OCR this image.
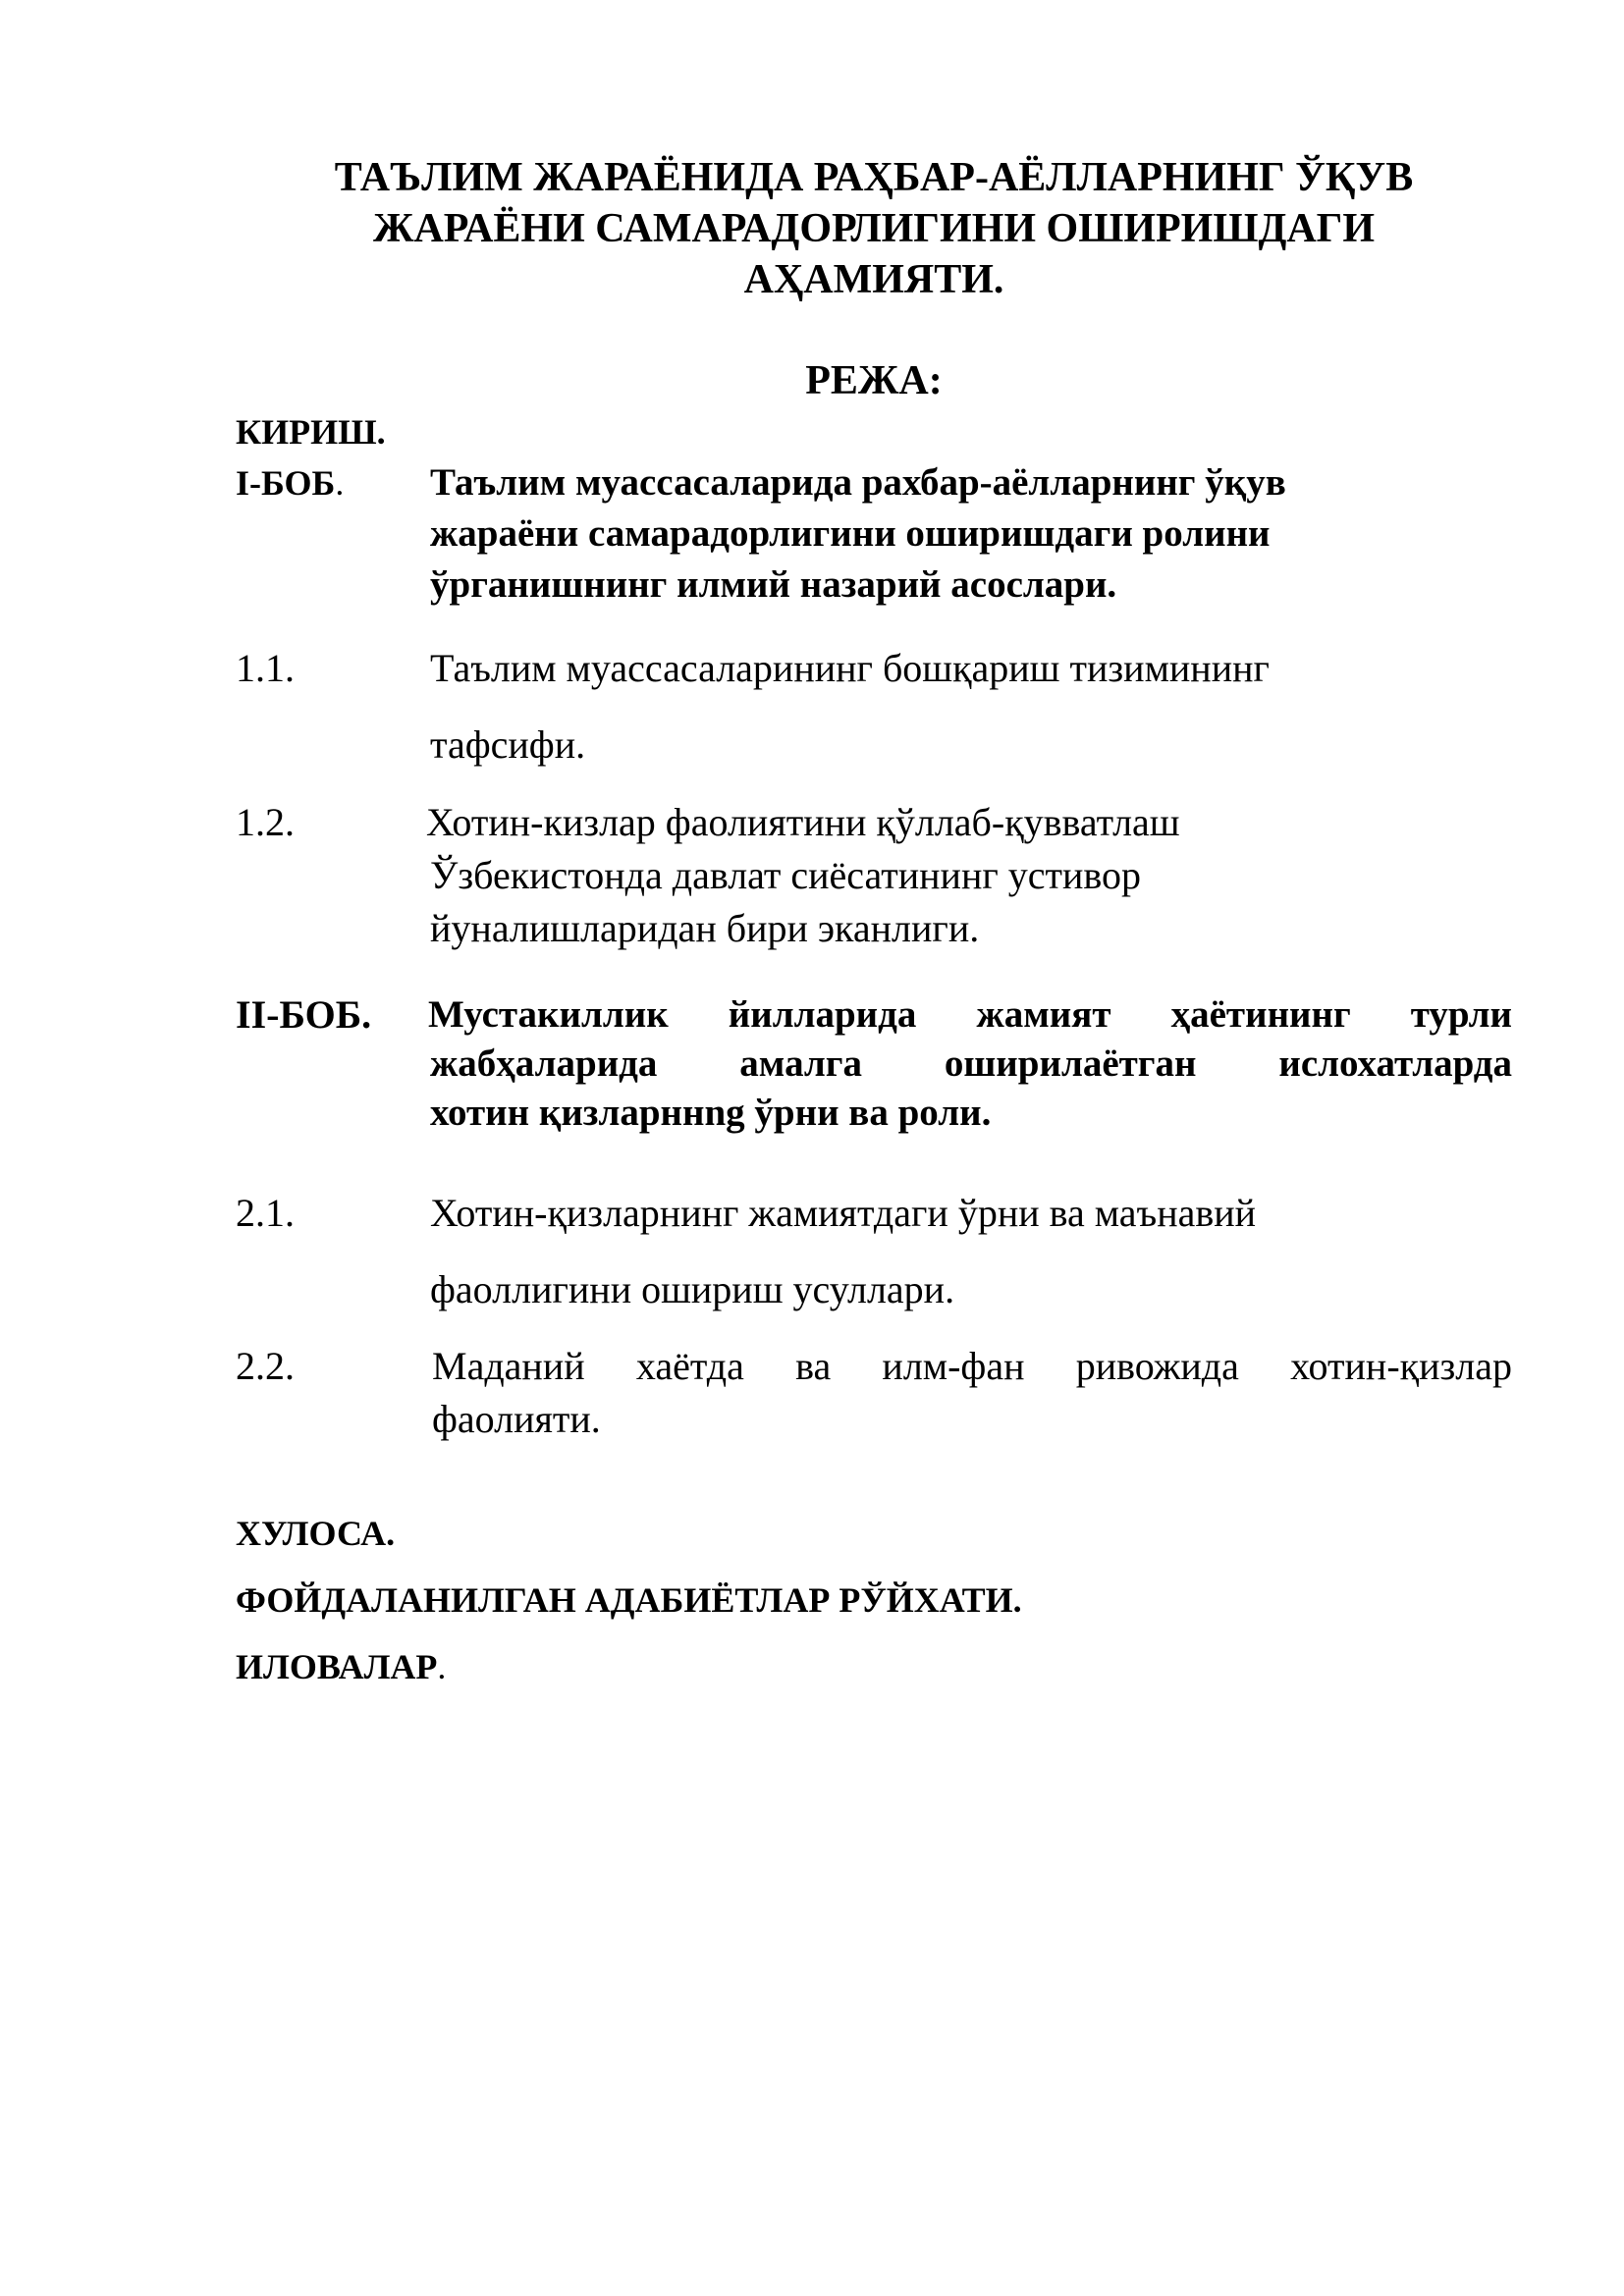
ТАЪЛИМ ЖАРАЁНИДА РАҲБАР-АЁЛЛАРНИНГ ЎҚУВ
ЖАРАЁНИ САМАРАДОРЛИГИНИ ОШИРИШДАГИ
АҲАМИЯТИ.
РЕЖА:
КИРИШ.
I-БОБ. Таълим муассасаларида рахбар-аёлларнинг ўқув
жараёни самарадорлигини оширишдаги ролини
ўрганишнинг илмий назарий асослари.
1.1.	Таълим муассасаларининг бошқариш тизимининг
тафсифи.
1.2.	Хотин-кизлар фаолиятини қўллаб-қувватлаш
Ўзбекистонда давлат сиёсатининг устивор
йуналишларидан бири эканлиги.
II-БОБ. Мустакиллик йилларида жамият ҳаётининг турли
жабҳаларида амалга оширилаётган ислохатларда
хотин қизларннng ўрни ва роли.
2.1.	Хотин-қизларнинг жамиятдаги ўрни ва маънавий
фаоллигини ошириш усуллари.
2.2.	Маданий хаётда ва илм-фан ривожида хотин-қизлар
фаолияти.
ХУЛОСА.
ФОЙДАЛАНИЛГАН АДАБИЁТЛАР РЎЙХАТИ.
ИЛОВАЛАР.
